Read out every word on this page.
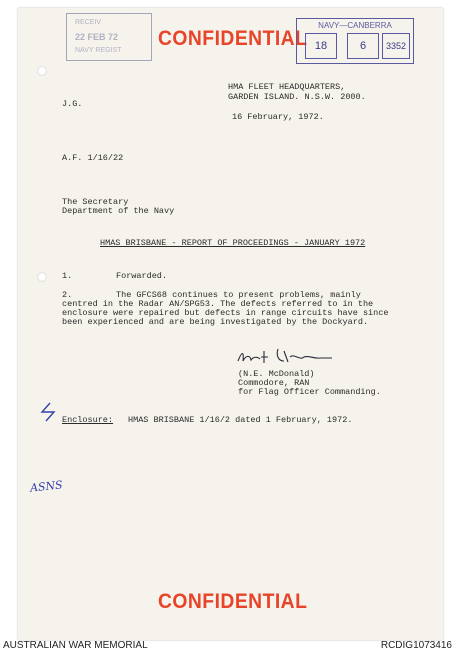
RECEIV
22 FEB 72
NAVY REGIST
CONFIDENTIAL
NAVY—CANBERRA
18	6	3352
HMA FLEET HEADQUARTERS,
GARDEN ISLAND. N.S.W. 2000.
J.G.
16 February, 1972.
A.F. 1/16/22
The Secretary
Department of the Navy
HMAS BRISBANE - REPORT OF PROCEEDINGS - JANUARY 1972
1.	Forwarded.
2.	The GFCS68 continues to present problems, mainly
centred in the Radar AN/SPG53. The defects referred to in the
enclosure were repaired but defects in range circuits have since
been experienced and are being investigated by the Dockyard.
(N.E. McDonald)
Commodore, RAN
for Flag Officer Commanding.
Enclosure: HMAS BRISBANE 1/16/2 dated 1 February, 1972.
ASNS
CONFIDENTIAL
AUSTRALIAN WAR MEMORIAL	RCDIG1073416
